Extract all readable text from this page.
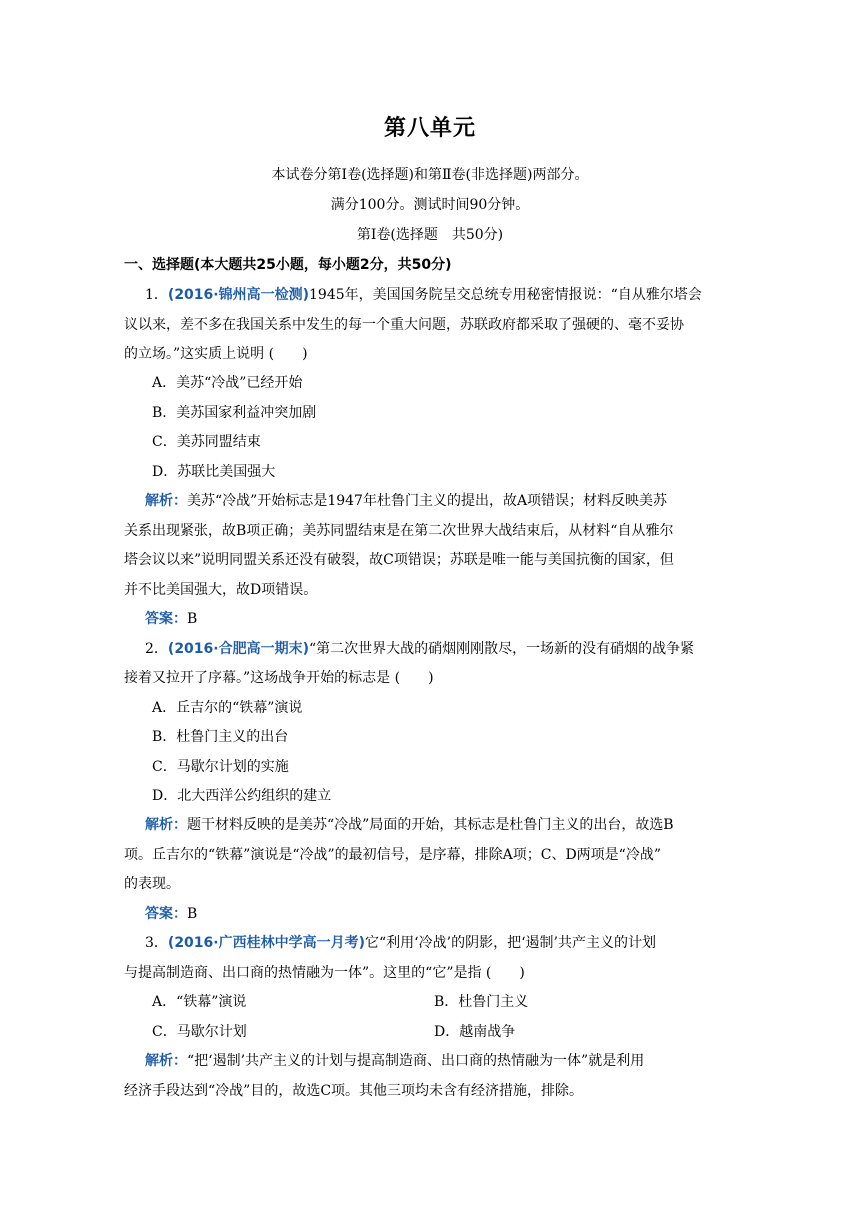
第八单元
本试卷分第Ⅰ卷(选择题)和第Ⅱ卷(非选择题)两部分。
满分100分。测试时间90分钟。
第Ⅰ卷(选择题　共50分)
一、选择题(本大题共25小题，每小题2分，共50分)
1．(2016·锦州高一检测)1945年，美国国务院呈交总统专用秘密情报说：“自从雅尔塔会
议以来，差不多在我国关系中发生的每一个重大问题，苏联政府都采取了强硬的、毫不妥协
的立场。”这实质上说明 (　　)
A．美苏“冷战”已经开始
B．美苏国家利益冲突加剧
C．美苏同盟结束
D．苏联比美国强大
解析：美苏“冷战”开始标志是1947年杜鲁门主义的提出，故A项错误；材料反映美苏
关系出现紧张，故B项正确；美苏同盟结束是在第二次世界大战结束后，从材料“自从雅尔
塔会议以来”说明同盟关系还没有破裂，故C项错误；苏联是唯一能与美国抗衡的国家，但
并不比美国强大，故D项错误。
答案：B
2．(2016·合肥高一期末)“第二次世界大战的硝烟刚刚散尽，一场新的没有硝烟的战争紧
接着又拉开了序幕。”这场战争开始的标志是 (　　)
A．丘吉尔的“铁幕”演说
B．杜鲁门主义的出台
C．马歇尔计划的实施
D．北大西洋公约组织的建立
解析：题干材料反映的是美苏“冷战”局面的开始，其标志是杜鲁门主义的出台，故选B
项。丘吉尔的“铁幕”演说是“冷战”的最初信号，是序幕，排除A项；C、D两项是“冷战”
的表现。
答案：B
3．(2016·广西桂林中学高一月考)它“利用‘冷战’的阴影，把‘遏制’共产主义的计划
与提高制造商、出口商的热情融为一体”。这里的“它”是指 (　　)
A．“铁幕”演说	B．杜鲁门主义
C．马歇尔计划	D．越南战争
解析：“把‘遏制’共产主义的计划与提高制造商、出口商的热情融为一体”就是利用
经济手段达到“冷战”目的，故选C项。其他三项均未含有经济措施，排除。
